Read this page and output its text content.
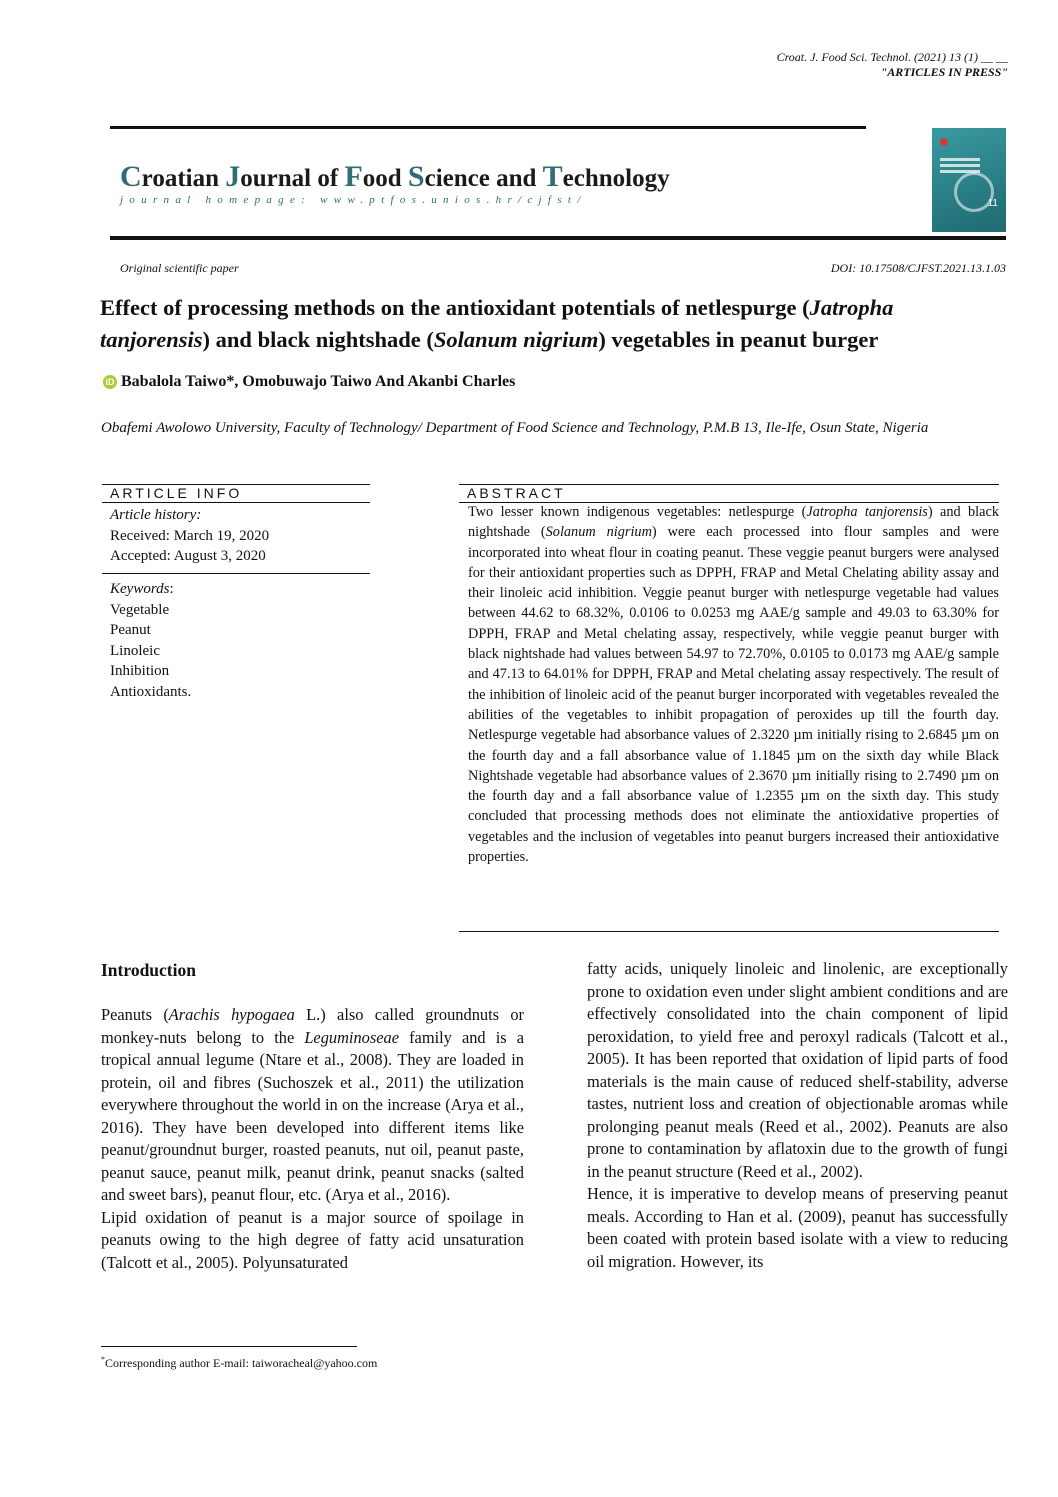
Croat. J. Food Sci. Technol. (2021) 13 (1) __ __
"ARTICLES IN PRESS"
Croatian Journal of Food Science and Technology
journal homepage: www.ptfos.unios.hr/cjfst/	11
Original scientific paper	DOI: 10.17508/CJFST.2021.13.1.03
Effect of processing methods on the antioxidant potentials of netlespurge (Jatropha tanjorensis) and black nightshade (Solanum nigrium) vegetables in peanut burger
iD Babalola Taiwo*, Omobuwajo Taiwo And Akanbi Charles
Obafemi Awolowo University, Faculty of Technology/ Department of Food Science and Technology, P.M.B 13, Ile-Ife, Osun State, Nigeria
ARTICLE INFO
Article history:
Received: March 19, 2020
Accepted: August 3, 2020
Keywords:
Vegetable
Peanut
Linoleic
Inhibition
Antioxidants.
ABSTRACT
Two lesser known indigenous vegetables: netlespurge (Jatropha tanjorensis) and black nightshade (Solanum nigrium) were each processed into flour samples and were incorporated into wheat flour in coating peanut. These veggie peanut burgers were analysed for their antioxidant properties such as DPPH, FRAP and Metal Chelating ability assay and their linoleic acid inhibition. Veggie peanut burger with netlespurge vegetable had values between 44.62 to 68.32%, 0.0106 to 0.0253 mg AAE/g sample and 49.03 to 63.30% for DPPH, FRAP and Metal chelating assay, respectively, while veggie peanut burger with black nightshade had values between 54.97 to 72.70%, 0.0105 to 0.0173 mg AAE/g sample and 47.13 to 64.01% for DPPH, FRAP and Metal chelating assay respectively. The result of the inhibition of linoleic acid of the peanut burger incorporated with vegetables revealed the abilities of the vegetables to inhibit propagation of peroxides up till the fourth day. Netlespurge vegetable had absorbance values of 2.3220 µm initially rising to 2.6845 µm on the fourth day and a fall absorbance value of 1.1845 µm on the sixth day while Black Nightshade vegetable had absorbance values of 2.3670 µm initially rising to 2.7490 µm on the fourth day and a fall absorbance value of 1.2355 µm on the sixth day. This study concluded that processing methods does not eliminate the antioxidative properties of vegetables and the inclusion of vegetables into peanut burgers increased their antioxidative properties.
Introduction

Peanuts (Arachis hypogaea L.) also called groundnuts or monkey-nuts belong to the Leguminoseae family and is a tropical annual legume (Ntare et al., 2008). They are loaded in protein, oil and fibres (Suchoszek et al., 2011) the utilization everywhere throughout the world in on the increase (Arya et al., 2016). They have been developed into different items like peanut/groundnut burger, roasted peanuts, nut oil, peanut paste, peanut sauce, peanut milk, peanut drink, peanut snacks (salted and sweet bars), peanut flour, etc. (Arya et al., 2016).

Lipid oxidation of peanut is a major source of spoilage in peanuts owing to the high degree of fatty acid unsaturation (Talcott et al., 2005). Polyunsaturated

fatty acids, uniquely linoleic and linolenic, are exceptionally prone to oxidation even under slight ambient conditions and are effectively consolidated into the chain component of lipid peroxidation, to yield free and peroxyl radicals (Talcott et al., 2005). It has been reported that oxidation of lipid parts of food materials is the main cause of reduced shelf-stability, adverse tastes, nutrient loss and creation of objectionable aromas while prolonging peanut meals (Reed et al., 2002). Peanuts are also prone to contamination by aflatoxin due to the growth of fungi in the peanut structure (Reed et al., 2002).

Hence, it is imperative to develop means of preserving peanut meals. According to Han et al. (2009), peanut has successfully been coated with protein based isolate with a view to reducing oil migration. However, its

*Corresponding author E-mail: taiworacheal@yahoo.com
